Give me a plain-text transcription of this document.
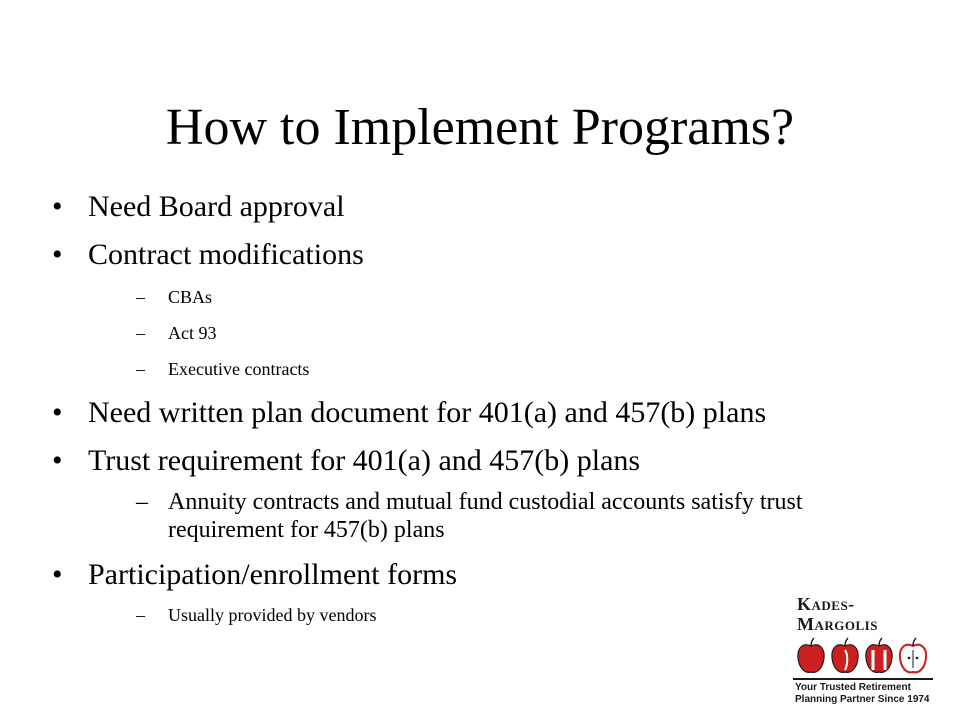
How to Implement Programs?
• Need Board approval
• Contract modifications
– CBAs
– Act 93
– Executive contracts
• Need written plan document for 401(a) and 457(b) plans
• Trust requirement for 401(a) and 457(b) plans
– Annuity contracts and mutual fund custodial accounts satisfy trust requirement for 457(b) plans
• Participation/enrollment forms
– Usually provided by vendors
Kades-Margolis
Your Trusted Retirement
Planning Partner Since 1974
